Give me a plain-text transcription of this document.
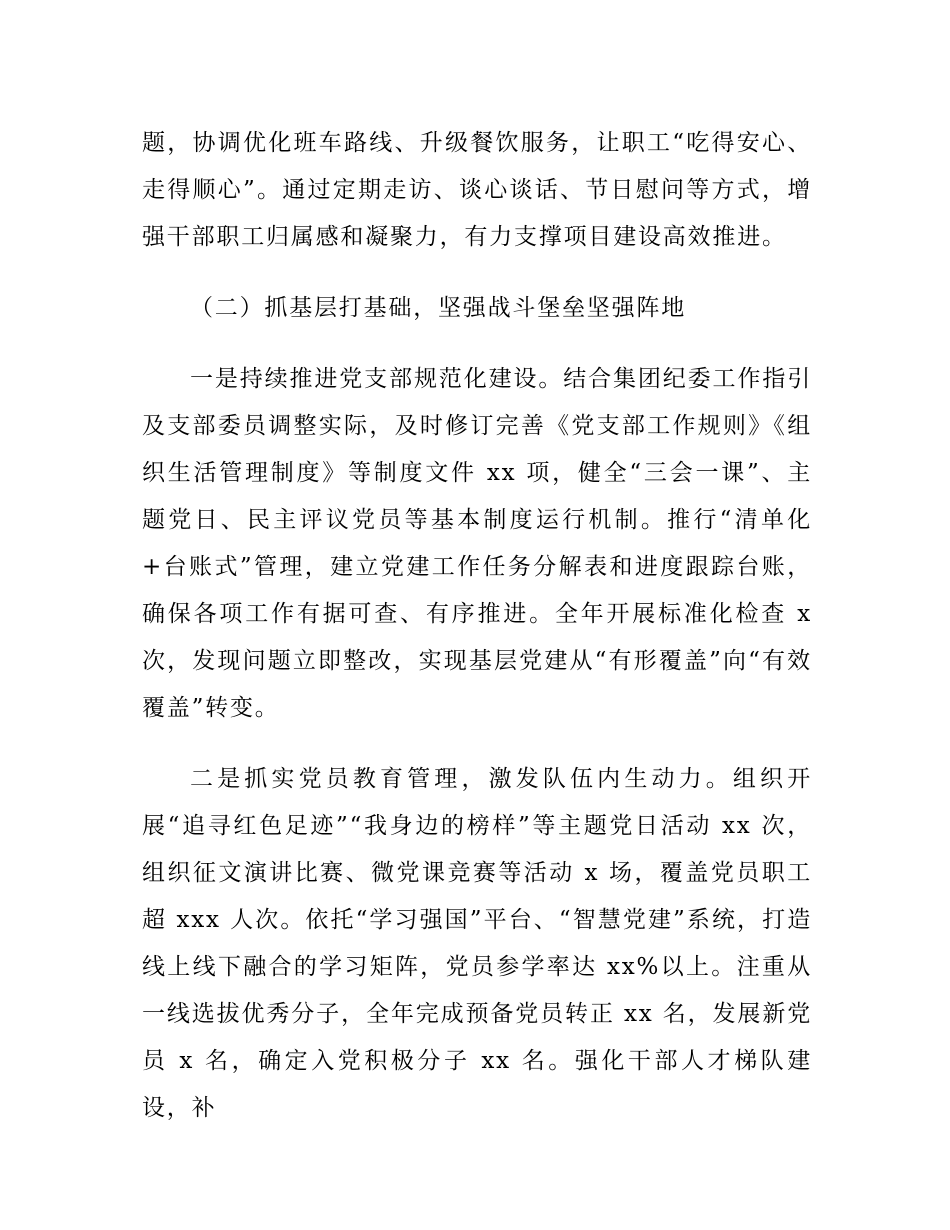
题，协调优化班车路线、升级餐饮服务，让职工“吃得安心、走得顺心”。通过定期走访、谈心谈话、节日慰问等方式，增强干部职工归属感和凝聚力，有力支撑项目建设高效推进。

（二）抓基层打基础，坚强战斗堡垒坚强阵地

一是持续推进党支部规范化建设。结合集团纪委工作指引及支部委员调整实际，及时修订完善《党支部工作规则》《组织生活管理制度》等制度文件 xx 项，健全“三会一课”、主题党日、民主评议党员等基本制度运行机制。推行“清单化+台账式”管理，建立党建工作任务分解表和进度跟踪台账，确保各项工作有据可查、有序推进。全年开展标准化检查 x 次，发现问题立即整改，实现基层党建从“有形覆盖”向“有效覆盖”转变。

二是抓实党员教育管理，激发队伍内生动力。组织开展“追寻红色足迹”“我身边的榜样”等主题党日活动 xx 次，组织征文演讲比赛、微党课竞赛等活动 x 场，覆盖党员职工超 xxx 人次。依托“学习强国”平台、“智慧党建”系统，打造线上线下融合的学习矩阵，党员参学率达 xx%以上。注重从一线选拔优秀分子，全年完成预备党员转正 xx 名，发展新党员 x 名，确定入党积极分子 xx 名。强化干部人才梯队建设，补
